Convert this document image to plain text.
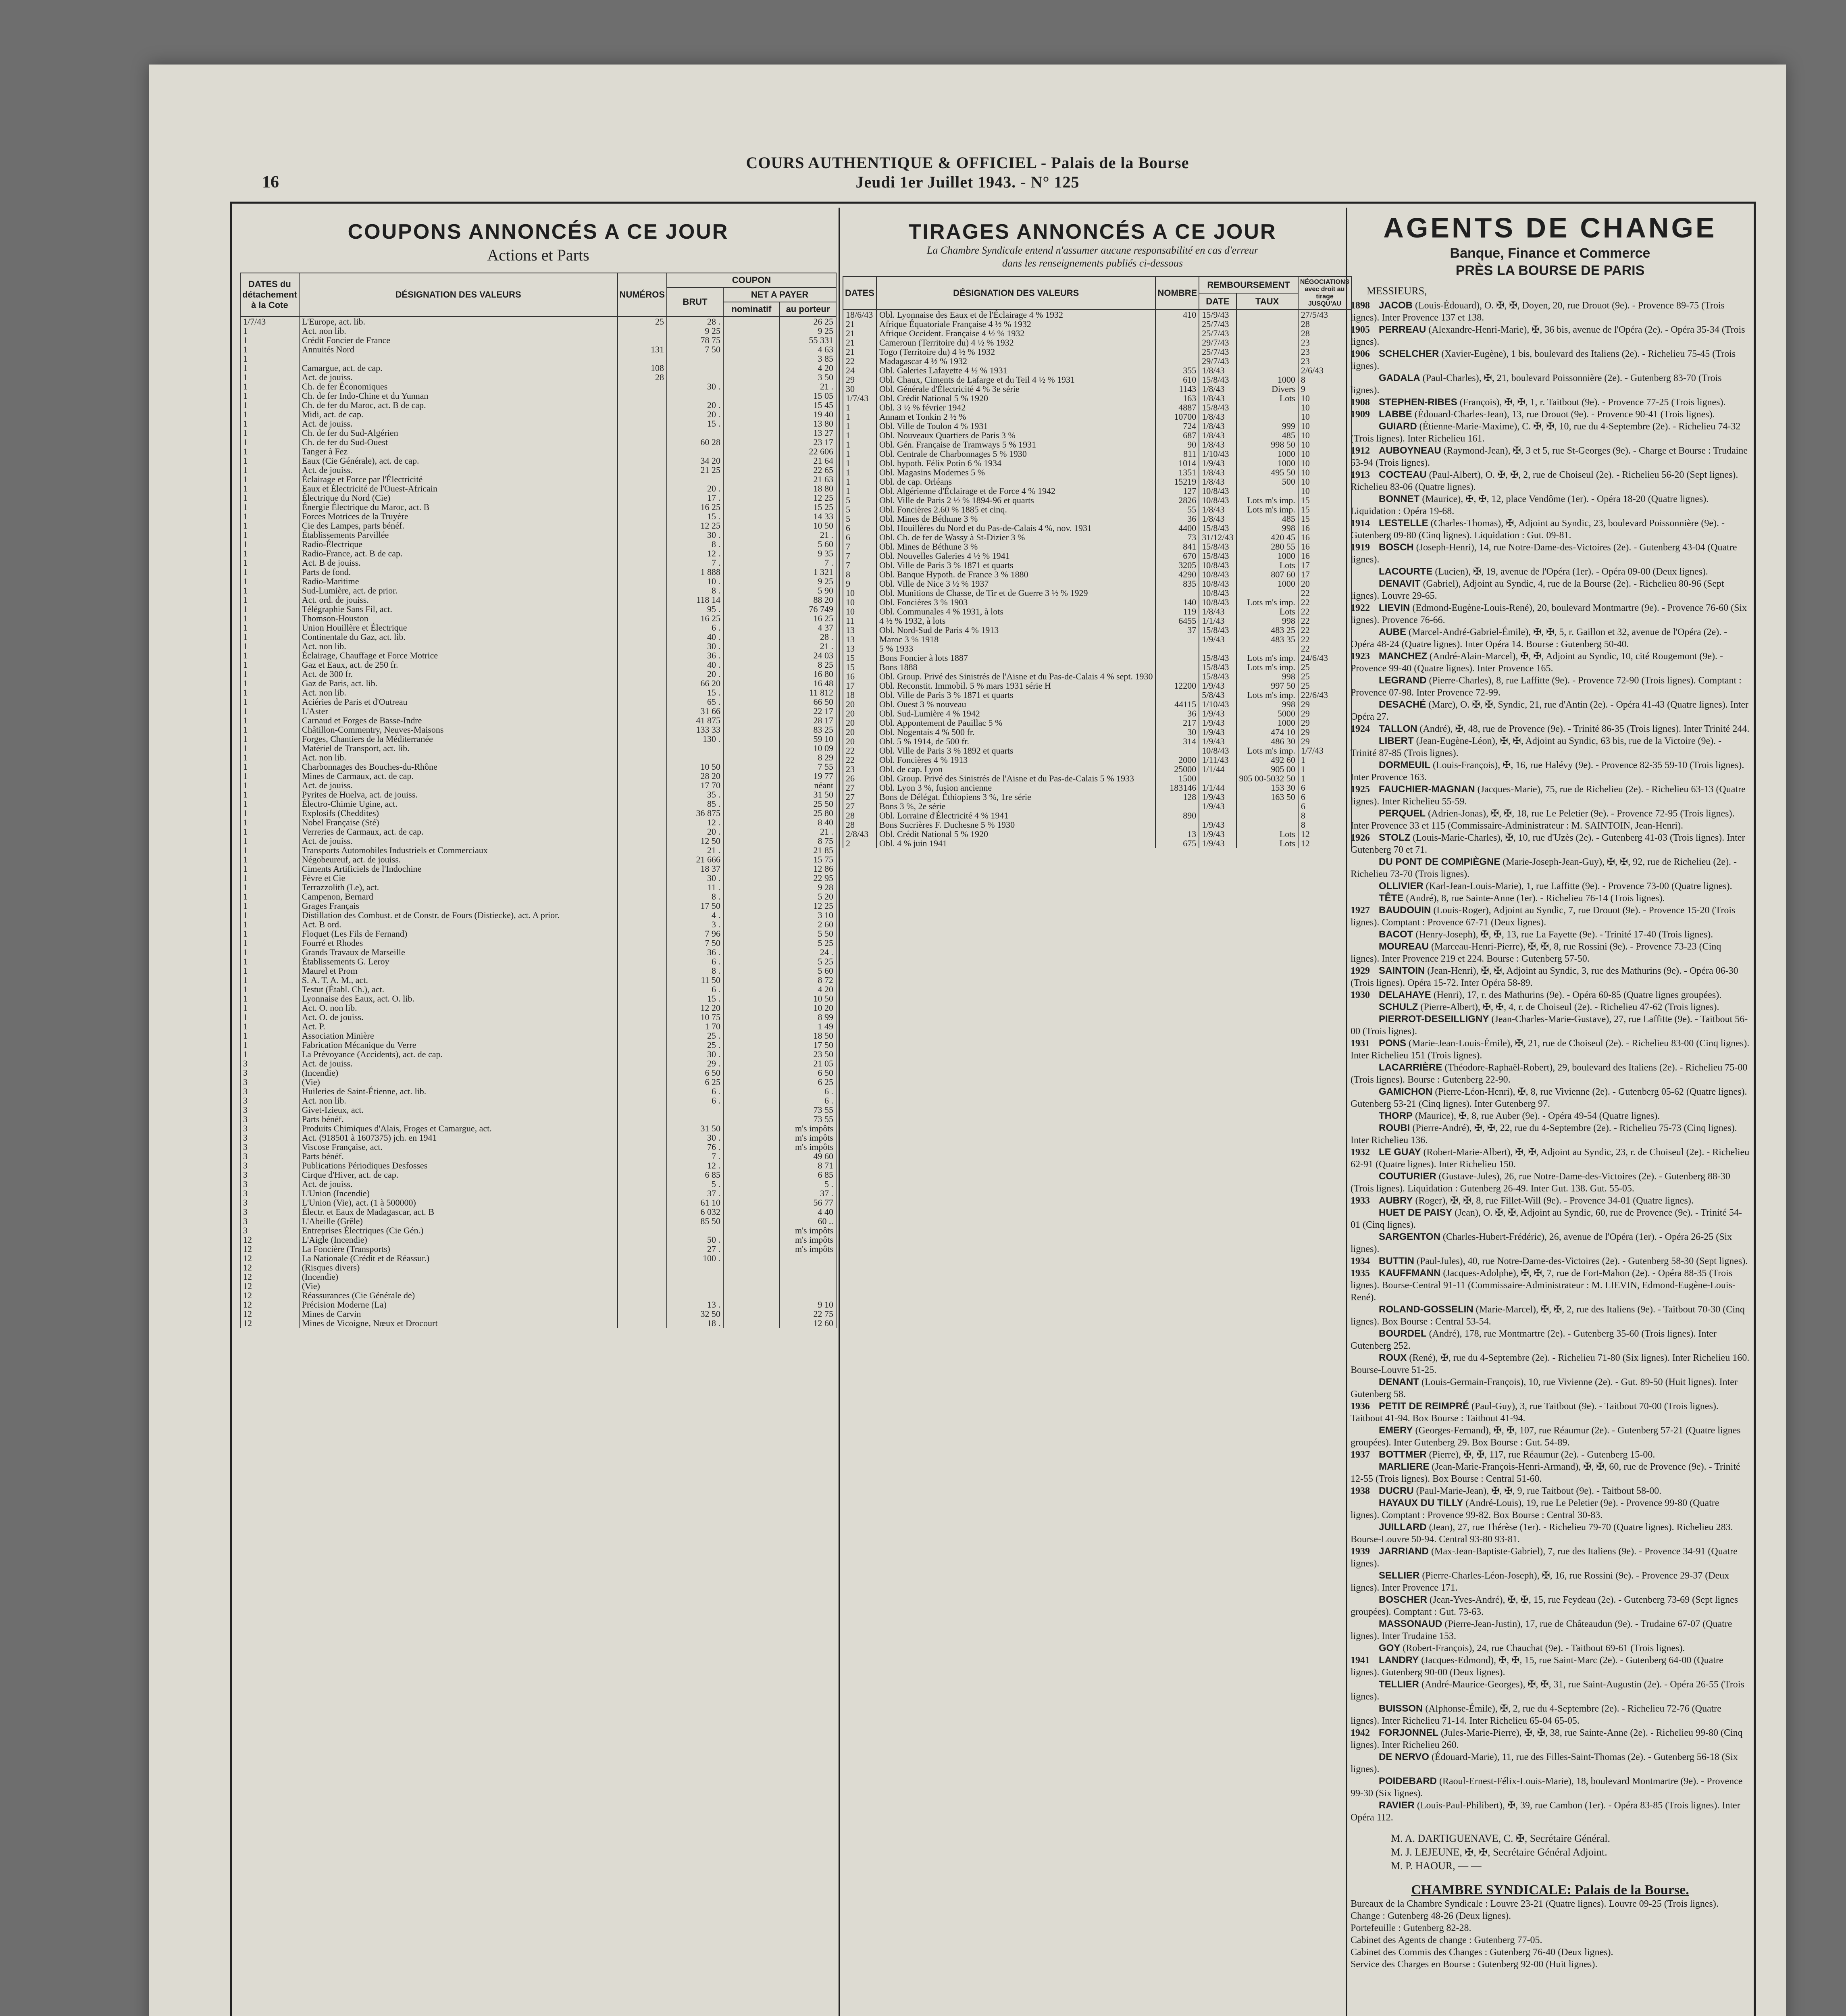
COURS AUTHENTIQUE & OFFICIEL - Palais de la Bourse
Jeudi 1er Juillet 1943. - N° 125
16
COUPONS ANNONCÉS A CE JOUR
Actions et Parts
DATES du détachement à la Cote	DÉSIGNATION DES VALEURS	NUMÉROS	COUPON		
			BRUT	NET A PAYER	
				nominatif	au porteur
1/7/43	L'Europe, act. lib.	25	28 .		26 25
1	Act. non lib.		9 25		9 25
1	Crédit Foncier de France		78 75		55 331
1	Annuités Nord	131	7 50		4 63
1					3 85
1	Camargue, act. de cap.	108			4 20
1	Act. de jouiss.	28			3 50
1	Ch. de fer Économiques		30 .		21 .
1	Ch. de fer Indo-Chine et du Yunnan				15 05
1	Ch. de fer du Maroc, act. B de cap.		20 .		15 45
1	Midi, act. de cap.		20 .		19 40
1	Act. de jouiss.		15 .		13 80
1	Ch. de fer du Sud-Algérien				13 27
1	Ch. de fer du Sud-Ouest		60 28		23 17
1	Tanger à Fez				22 606
1	Eaux (Cie Générale), act. de cap.		34 20		21 64
1	Act. de jouiss.		21 25		22 65
1	Éclairage et Force par l'Électricité				21 63
1	Eaux et Électricité de l'Ouest-Africain		20 .		18 80
1	Électrique du Nord (Cie)		17 .		12 25
1	Énergie Électrique du Maroc, act. B		16 25		15 25
1	Forces Motrices de la Truyère		15 .		14 33
1	Cie des Lampes, parts bénéf.		12 25		10 50
1	Établissements Parvillée		30 .		21 .
1	Radio-Électrique		8 .		5 60
1	Radio-France, act. B de cap.		12 .		9 35
1	Act. B de jouiss.		7 .		7 .
1	Parts de fond.		1 888		1 321
1	Radio-Maritime		10 .		9 25
1	Sud-Lumière, act. de prior.		8 .		5 90
1	Act. ord. de jouiss.		118 14		88 20
1	Télégraphie Sans Fil, act.		95 .		76 749
1	Thomson-Houston		16 25		16 25
1	Union Houillère et Électrique		6 .		4 37
1	Continentale du Gaz, act. lib.		40 .		28 .
1	Act. non lib.		30 .		21 .
1	Éclairage, Chauffage et Force Motrice		36 .		24 03
1	Gaz et Eaux, act. de 250 fr.		40 .		8 25
1	Act. de 300 fr.		20 .		16 80
1	Gaz de Paris, act. lib.		66 20		16 48
1	Act. non lib.		15 .		11 812
1	Aciéries de Paris et d'Outreau		65 .		66 50
1	L'Aster		31 66		22 17
1	Carnaud et Forges de Basse-Indre		41 875		28 17
1	Châtillon-Commentry, Neuves-Maisons		133 33		83 25
1	Forges, Chantiers de la Méditerranée		130 .		59 10
1	Matériel de Transport, act. lib.				10 09
1	Act. non lib.				8 29
1	Charbonnages des Bouches-du-Rhône		10 50		7 55
1	Mines de Carmaux, act. de cap.		28 20		19 77
1	Act. de jouiss.		17 70		néant
1	Pyrites de Huelva, act. de jouiss.		35 .		31 50
1	Électro-Chimie Ugine, act.		85 .		25 50
1	Explosifs (Cheddites)		36 875		25 80
1	Nobel Française (Sté)		12 .		8 40
1	Verreries de Carmaux, act. de cap.		20 .		21 .
1	Act. de jouiss.		12 50		8 75
1	Transports Automobiles Industriels et Commerciaux		21 .		21 85
1	Négobeureuf, act. de jouiss.		21 666		15 75
1	Ciments Artificiels de l'Indochine		18 37		12 86
1	Fèvre et Cie		30 .		22 95
1	Terrazzolith (Le), act.		11 .		9 28
1	Campenon, Bernard		8 .		5 20
1	Grages Français		17 50		12 25
1	Distillation des Combust. et de Constr. de Fours (Distiecke), act. A prior.		4 .		3 10
1	Act. B ord.		3 .		2 60
1	Floquet (Les Fils de Fernand)		7 96		5 50
1	Fourré et Rhodes		7 50		5 25
1	Grands Travaux de Marseille		36 .		24 .
1	Établissements G. Leroy		6 .		5 25
1	Maurel et Prom		8 .		5 60
1	S. A. T. A. M., act.		11 50		8 72
1	Testut (Établ. Ch.), act.		6 .		4 20
1	Lyonnaise des Eaux, act. O. lib.		15 .		10 50
1	Act. O. non lib.		12 20		10 20
1	Act. O. de jouiss.		10 75		8 99
1	Act. P.		1 70		1 49
1	Association Minière		25 .		18 50
1	Fabrication Mécanique du Verre		25 .		17 50
1	La Prévoyance (Accidents), act. de cap.		30 .		23 50
3	Act. de jouiss.		29 .		21 05
3	(Incendie)		6 50		6 50
3	(Vie)		6 25		6 25
3	Huileries de Saint-Étienne, act. lib.		6 .		6 .
3	Act. non lib.		6 .		6 .
3	Givet-Izieux, act.				73 55
3	Parts bénéf.				73 55
3	Produits Chimiques d'Alais, Froges et Camargue, act.		31 50		m's impôts
3	Act. (918501 à 1607375) jch. en 1941		30 .		m's impôts
3	Viscose Française, act.		76 .		m's impôts
3	Parts bénéf.		7 .		49 60
3	Publications Périodiques Desfosses		12 .		8 71
3	Cirque d'Hiver, act. de cap.		6 85		6 85
3	Act. de jouiss.		5 .		5 .
3	L'Union (Incendie)		37 .		37 .
3	L'Union (Vie), act. (1 à 500000)		61 10		56 77
3	Électr. et Eaux de Madagascar, act. B		6 032		4 40
3	L'Abeille (Grêle)		85 50		60 ..
3	Entreprises Électriques (Cie Gén.)				m's impôts
12	L'Aigle (Incendie)		50 .		m's impôts
12	La Foncière (Transports)		27 .		m's impôts
12	La Nationale (Crédit et de Réassur.)		100 .		
12	(Risques divers)				
12	(Incendie)				
12	(Vie)				
12	Réassurances (Cie Générale de)				
12	Précision Moderne (La)		13 .		9 10
12	Mines de Carvin		32 50		22 75
12	Mines de Vicoigne, Nœux et Drocourt		18 .		12 60
TIRAGES ANNONCÉS A CE JOUR
La Chambre Syndicale entend n'assumer aucune responsabilité en cas d'erreur
dans les renseignements publiés ci-dessous
DATES	DÉSIGNATION DES VALEURS	NOMBRE	REMBOURSEMENT		NÉGOCIATIONS avec droit au tirage JUSQU'AU
			DATE	TAUX	
18/6/43	Obl. Lyonnaise des Eaux et de l'Éclairage 4 % 1932	410	15/9/43		27/5/43
21	Afrique Équatoriale Française 4 ½ % 1932		25/7/43		28
21	Afrique Occident. Française 4 ½ % 1932		25/7/43		28
21	Cameroun (Territoire du) 4 ½ % 1932		29/7/43		23
21	Togo (Territoire du) 4 ½ % 1932		25/7/43		23
22	Madagascar 4 ½ % 1932		29/7/43		23
24	Obl. Galeries Lafayette 4 ½ % 1931	355	1/8/43		2/6/43
29	Obl. Chaux, Ciments de Lafarge et du Teil 4 ½ % 1931	610	15/8/43	1000	8
30	Obl. Générale d'Électricité 4 % 3e série	1143	1/8/43	Divers	9
1/7/43	Obl. Crédit National 5 % 1920	163	1/8/43	Lots	10
1	Obl. 3 ½ % février 1942	4887	15/8/43		10
1	Annam et Tonkin 2 ½ %	10700	1/8/43		10
1	Obl. Ville de Toulon 4 % 1931	724	1/8/43	999	10
1	Obl. Nouveaux Quartiers de Paris 3 %	687	1/8/43	485	10
1	Obl. Gén. Française de Tramways 5 % 1931	90	1/8/43	998 50	10
1	Obl. Centrale de Charbonnages 5 % 1930	811	1/10/43	1000	10
1	Obl. hypoth. Félix Potin 6 % 1934	1014	1/9/43	1000	10
1	Obl. Magasins Modernes 5 %	1351	1/8/43	495 50	10
1	Obl. de cap. Orléans	15219	1/8/43	500	10
1	Obl. Algérienne d'Éclairage et de Force 4 % 1942	127	10/8/43		10
5	Obl. Ville de Paris 2 ½ % 1894-96 et quarts	2826	10/8/43	Lots m's imp.	15
5	Obl. Foncières 2.60 % 1885 et cinq.	55	1/8/43	Lots m's imp.	15
5	Obl. Mines de Béthune 3 %	36	1/8/43	485	15
6	Obl. Houillères du Nord et du Pas-de-Calais 4 %, nov. 1931	4400	15/8/43	998	16
6	Obl. Ch. de fer de Wassy à St-Dizier 3 %	73	31/12/43	420 45	16
7	Obl. Mines de Béthune 3 %	841	15/8/43	280 55	16
7	Obl. Nouvelles Galeries 4 ½ % 1941	670	15/8/43	1000	16
7	Obl. Ville de Paris 3 % 1871 et quarts	3205	10/8/43	Lots	17
8	Obl. Banque Hypoth. de France 3 % 1880	4290	10/8/43	807 60	17
9	Obl. Ville de Nice 3 ½ % 1937	835	10/8/43	1000	20
10	Obl. Munitions de Chasse, de Tir et de Guerre 3 ½ % 1929		10/8/43		22
10	Obl. Foncières 3 % 1903	140	10/8/43	Lots m's imp.	22
10	Obl. Communales 4 % 1931, à lots	119	1/8/43	Lots	22
11	4 ½ % 1932, à lots	6455	1/1/43	998	22
13	Obl. Nord-Sud de Paris 4 % 1913	37	15/8/43	483 25	22
13	Maroc 3 % 1918		1/9/43	483 35	22
13	5 % 1933				22
15	Bons Foncier à lots 1887		15/8/43	Lots m's imp.	24/6/43
15	Bons 1888		15/8/43	Lots m's imp.	25
16	Obl. Group. Privé des Sinistrés de l'Aisne et du Pas-de-Calais 4 % sept. 1930		15/8/43	998	25
17	Obl. Reconstit. Immobil. 5 % mars 1931 série H	12200	1/9/43	997 50	25
18	Obl. Ville de Paris 3 % 1871 et quarts		5/8/43	Lots m's imp.	22/6/43
20	Obl. Ouest 3 % nouveau	44115	1/10/43	998	29
20	Obl. Sud-Lumière 4 % 1942	36	1/9/43	5000	29
20	Obl. Appontement de Pauillac 5 %	217	1/9/43	1000	29
20	Obl. Nogentais 4 % 500 fr.	30	1/9/43	474 10	29
20	Obl. 5 % 1914, de 500 fr.	314	1/9/43	486 30	29
22	Obl. Ville de Paris 3 % 1892 et quarts		10/8/43	Lots m's imp.	1/7/43
22	Obl. Foncières 4 % 1913	2000	1/11/43	492 60	1
23	Obl. de cap. Lyon	25000	1/1/44	905 00	1
26	Obl. Group. Privé des Sinistrés de l'Aisne et du Pas-de-Calais 5 % 1933	1500		905 00-5032 50	1
27	Obl. Lyon 3 %, fusion ancienne	183146	1/1/44	153 30	6
27	Bons de Délégat. Éthiopiens 3 %, 1re série	128	1/9/43	163 50	6
27	Bons 3 %, 2e série		1/9/43		6
28	Obl. Lorraine d'Électricité 4 % 1941	890			8
28	Bons Sucrières F. Duchesne 5 % 1930		1/9/43		8
2/8/43	Obl. Crédit National 5 % 1920	13	1/9/43	Lots	12
2	Obl. 4 % juin 1941	675	1/9/43	Lots	12

AGENTS DE CHANGE
Banque, Finance et Commerce
PRÈS LA BOURSE DE PARIS
MESSIEURS,
1898 JACOB (Louis-Édouard), O. ✠, ✠, Doyen, 20, rue Drouot (9e). - Provence 89-75 (Trois lignes). Inter Provence 137 et 138.
1905 PERREAU (Alexandre-Henri-Marie), ✠, 36 bis, avenue de l'Opéra (2e). - Opéra 35-34 (Trois lignes).
1906 SCHELCHER (Xavier-Eugène), 1 bis, boulevard des Italiens (2e). - Richelieu 75-45 (Trois lignes).
GADALA (Paul-Charles), ✠, 21, boulevard Poissonnière (2e). - Gutenberg 83-70 (Trois lignes).
1908 STEPHEN-RIBES (François), ✠, ✠, 1, r. Taitbout (9e). - Provence 77-25 (Trois lignes).
1909 LABBE (Édouard-Charles-Jean), 13, rue Drouot (9e). - Provence 90-41 (Trois lignes).
GUIARD (Étienne-Marie-Maxime), C. ✠, ✠, 10, rue du 4-Septembre (2e). - Richelieu 74-32 (Trois lignes). Inter Richelieu 161.
1912 AUBOYNEAU (Raymond-Jean), ✠, 3 et 5, rue St-Georges (9e). - Charge et Bourse : Trudaine 63-94 (Trois lignes).
1913 COCTEAU (Paul-Albert), O. ✠, ✠, 2, rue de Choiseul (2e). - Richelieu 56-20 (Sept lignes). Richelieu 83-06 (Quatre lignes).
BONNET (Maurice), ✠, ✠, 12, place Vendôme (1er). - Opéra 18-20 (Quatre lignes). Liquidation : Opéra 19-68.
1914 LESTELLE (Charles-Thomas), ✠, Adjoint au Syndic, 23, boulevard Poissonnière (9e). - Gutenberg 09-80 (Cinq lignes). Liquidation : Gut. 09-81.
1919 BOSCH (Joseph-Henri), 14, rue Notre-Dame-des-Victoires (2e). - Gutenberg 43-04 (Quatre lignes).
LACOURTE (Lucien), ✠, 19, avenue de l'Opéra (1er). - Opéra 09-00 (Deux lignes).
DENAVIT (Gabriel), Adjoint au Syndic, 4, rue de la Bourse (2e). - Richelieu 80-96 (Sept lignes). Louvre 29-65.
1922 LIEVIN (Edmond-Eugène-Louis-René), 20, boulevard Montmartre (9e). - Provence 76-60 (Six lignes). Provence 76-66.
AUBE (Marcel-André-Gabriel-Émile), ✠, ✠, 5, r. Gaillon et 32, avenue de l'Opéra (2e). - Opéra 48-24 (Quatre lignes). Inter Opéra 14. Bourse : Gutenberg 50-40.
1923 MANCHEZ (André-Alain-Marcel), ✠, ✠, Adjoint au Syndic, 10, cité Rougemont (9e). - Provence 99-40 (Quatre lignes). Inter Provence 165.
LEGRAND (Pierre-Charles), 8, rue Laffitte (9e). - Provence 72-90 (Trois lignes). Comptant : Provence 07-98. Inter Provence 72-99.
DESACHÉ (Marc), O. ✠, ✠, Syndic, 21, rue d'Antin (2e). - Opéra 41-43 (Quatre lignes). Inter Opéra 27.
1924 TALLON (André), ✠, 48, rue de Provence (9e). - Trinité 86-35 (Trois lignes). Inter Trinité 244.
LIBERT (Jean-Eugène-Léon), ✠, ✠, Adjoint au Syndic, 63 bis, rue de la Victoire (9e). - Trinité 87-85 (Trois lignes).
DORMEUIL (Louis-François), ✠, 16, rue Halévy (9e). - Provence 82-35 59-10 (Trois lignes). Inter Provence 163.
1925 FAUCHIER-MAGNAN (Jacques-Marie), 75, rue de Richelieu (2e). - Richelieu 63-13 (Quatre lignes). Inter Richelieu 55-59.
PERQUEL (Adrien-Jonas), ✠, ✠, 18, rue Le Peletier (9e). - Provence 72-95 (Trois lignes). Inter Provence 33 et 115 (Commissaire-Administrateur : M. SAINTOIN, Jean-Henri).
1926 STOLZ (Louis-Marie-Charles), ✠, 10, rue d'Uzès (2e). - Gutenberg 41-03 (Trois lignes). Inter Gutenberg 70 et 71.
DU PONT DE COMPIÈGNE (Marie-Joseph-Jean-Guy), ✠, ✠, 92, rue de Richelieu (2e). - Richelieu 73-70 (Trois lignes).
OLLIVIER (Karl-Jean-Louis-Marie), 1, rue Laffitte (9e). - Provence 73-00 (Quatre lignes).
TÊTE (André), 8, rue Sainte-Anne (1er). - Richelieu 76-14 (Trois lignes).
1927 BAUDOUIN (Louis-Roger), Adjoint au Syndic, 7, rue Drouot (9e). - Provence 15-20 (Trois lignes). Comptant : Provence 67-71 (Deux lignes).
BACOT (Henry-Joseph), ✠, ✠, 13, rue La Fayette (9e). - Trinité 17-40 (Trois lignes).
MOUREAU (Marceau-Henri-Pierre), ✠, ✠, 8, rue Rossini (9e). - Provence 73-23 (Cinq lignes). Inter Provence 219 et 224. Bourse : Gutenberg 57-50.
1929 SAINTOIN (Jean-Henri), ✠, ✠, Adjoint au Syndic, 3, rue des Mathurins (9e). - Opéra 06-30 (Trois lignes). Opéra 15-72. Inter Opéra 58-89.
1930 DELAHAYE (Henri), 17, r. des Mathurins (9e). - Opéra 60-85 (Quatre lignes groupées).
SCHULZ (Pierre-Albert), ✠, ✠, 4, r. de Choiseul (2e). - Richelieu 47-62 (Trois lignes).
PIERROT-DESEILLIGNY (Jean-Charles-Marie-Gustave), 27, rue Laffitte (9e). - Taitbout 56-00 (Trois lignes).
1931 PONS (Marie-Jean-Louis-Émile), ✠, 21, rue de Choiseul (2e). - Richelieu 83-00 (Cinq lignes). Inter Richelieu 151 (Trois lignes).
LACARRIÈRE (Théodore-Raphaël-Robert), 29, boulevard des Italiens (2e). - Richelieu 75-00 (Trois lignes). Bourse : Gutenberg 22-90.
GAMICHON (Pierre-Léon-Henri), ✠, 8, rue Vivienne (2e). - Gutenberg 05-62 (Quatre lignes). Gutenberg 53-21 (Cinq lignes). Inter Gutenberg 97.
THORP (Maurice), ✠, 8, rue Auber (9e). - Opéra 49-54 (Quatre lignes).
ROUBI (Pierre-André), ✠, ✠, 22, rue du 4-Septembre (2e). - Richelieu 75-73 (Cinq lignes). Inter Richelieu 136.
1932 LE GUAY (Robert-Marie-Albert), ✠, ✠, Adjoint au Syndic, 23, r. de Choiseul (2e). - Richelieu 62-91 (Quatre lignes). Inter Richelieu 150.
COUTURIER (Gustave-Jules), 26, rue Notre-Dame-des-Victoires (2e). - Gutenberg 88-30 (Trois lignes). Liquidation : Gutenberg 26-49. Inter Gut. 138. Gut. 55-05.
1933 AUBRY (Roger), ✠, ✠, 8, rue Fillet-Will (9e). - Provence 34-01 (Quatre lignes).
HUET DE PAISY (Jean), O. ✠, ✠, Adjoint au Syndic, 60, rue de Provence (9e). - Trinité 54-01 (Cinq lignes).
SARGENTON (Charles-Hubert-Frédéric), 26, avenue de l'Opéra (1er). - Opéra 26-25 (Six lignes).
1934 BUTTIN (Paul-Jules), 40, rue Notre-Dame-des-Victoires (2e). - Gutenberg 58-30 (Sept lignes).
1935 KAUFFMANN (Jacques-Adolphe), ✠, ✠, 7, rue de Fort-Mahon (2e). - Opéra 88-35 (Trois lignes). Bourse-Central 91-11 (Commissaire-Administrateur : M. LIEVIN, Edmond-Eugène-Louis-René).
ROLAND-GOSSELIN (Marie-Marcel), ✠, ✠, 2, rue des Italiens (9e). - Taitbout 70-30 (Cinq lignes). Box Bourse : Central 53-54.
BOURDEL (André), 178, rue Montmartre (2e). - Gutenberg 35-60 (Trois lignes). Inter Gutenberg 252.
ROUX (René), ✠, rue du 4-Septembre (2e). - Richelieu 71-80 (Six lignes). Inter Richelieu 160. Bourse-Louvre 51-25.
DENANT (Louis-Germain-François), 10, rue Vivienne (2e). - Gut. 89-50 (Huit lignes). Inter Gutenberg 58.
1936 PETIT DE REIMPRÉ (Paul-Guy), 3, rue Taitbout (9e). - Taitbout 70-00 (Trois lignes). Taitbout 41-94. Box Bourse : Taitbout 41-94.
EMERY (Georges-Fernand), ✠, ✠, 107, rue Réaumur (2e). - Gutenberg 57-21 (Quatre lignes groupées). Inter Gutenberg 29. Box Bourse : Gut. 54-89.
1937 BOTTMER (Pierre), ✠, ✠, 117, rue Réaumur (2e). - Gutenberg 15-00.
MARLIERE (Jean-Marie-François-Henri-Armand), ✠, ✠, 60, rue de Provence (9e). - Trinité 12-55 (Trois lignes). Box Bourse : Central 51-60.
1938 DUCRU (Paul-Marie-Jean), ✠, ✠, 9, rue Taitbout (9e). - Taitbout 58-00.
HAYAUX DU TILLY (André-Louis), 19, rue Le Peletier (9e). - Provence 99-80 (Quatre lignes). Comptant : Provence 99-82. Box Bourse : Central 30-83.
JUILLARD (Jean), 27, rue Thérèse (1er). - Richelieu 79-70 (Quatre lignes). Richelieu 283. Bourse-Louvre 50-94. Central 93-80 93-81.
1939 JARRIAND (Max-Jean-Baptiste-Gabriel), 7, rue des Italiens (9e). - Provence 34-91 (Quatre lignes).
SELLIER (Pierre-Charles-Léon-Joseph), ✠, 16, rue Rossini (9e). - Provence 29-37 (Deux lignes). Inter Provence 171.
BOSCHER (Jean-Yves-André), ✠, ✠, 15, rue Feydeau (2e). - Gutenberg 73-69 (Sept lignes groupées). Comptant : Gut. 73-63.
MASSONAUD (Pierre-Jean-Justin), 17, rue de Châteaudun (9e). - Trudaine 67-07 (Quatre lignes). Inter Trudaine 153.
GOY (Robert-François), 24, rue Chauchat (9e). - Taitbout 69-61 (Trois lignes).
1941 LANDRY (Jacques-Edmond), ✠, ✠, 15, rue Saint-Marc (2e). - Gutenberg 64-00 (Quatre lignes). Gutenberg 90-00 (Deux lignes).
TELLIER (André-Maurice-Georges), ✠, ✠, 31, rue Saint-Augustin (2e). - Opéra 26-55 (Trois lignes).
BUISSON (Alphonse-Émile), ✠, 2, rue du 4-Septembre (2e). - Richelieu 72-76 (Quatre lignes). Inter Richelieu 71-14. Inter Richelieu 65-04 65-05.
1942 FORJONNEL (Jules-Marie-Pierre), ✠, ✠, 38, rue Sainte-Anne (2e). - Richelieu 99-80 (Cinq lignes). Inter Richelieu 260.
DE NERVO (Édouard-Marie), 11, rue des Filles-Saint-Thomas (2e). - Gutenberg 56-18 (Six lignes).
POIDEBARD (Raoul-Ernest-Félix-Louis-Marie), 18, boulevard Montmartre (9e). - Provence 99-30 (Six lignes).
RAVIER (Louis-Paul-Philibert), ✠, 39, rue Cambon (1er). - Opéra 83-85 (Trois lignes). Inter Opéra 112.
M. A. DARTIGUENAVE, C. ✠, Secrétaire Général.
M. J. LEJEUNE, ✠, ✠, Secrétaire Général Adjoint.
M. P. HAOUR, — —
CHAMBRE SYNDICALE: Palais de la Bourse.
Bureaux de la Chambre Syndicale : Louvre 23-21 (Quatre lignes). Louvre 09-25 (Trois lignes).
Change : Gutenberg 48-26 (Deux lignes).
Portefeuille : Gutenberg 82-28.
Cabinet des Agents de change : Gutenberg 77-05.
Cabinet des Commis des Changes : Gutenberg 76-40 (Deux lignes).
Service des Charges en Bourse : Gutenberg 92-00 (Huit lignes).
